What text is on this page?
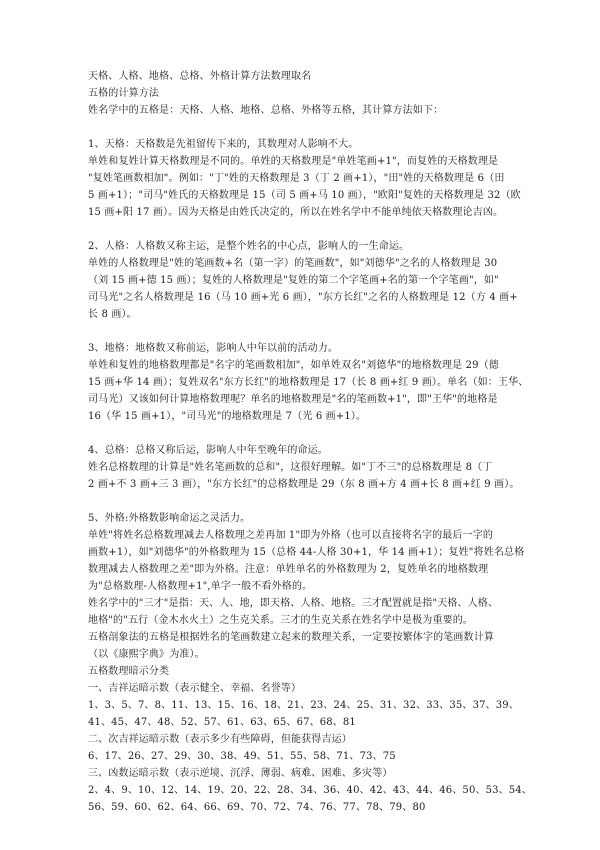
天格、人格、地格、总格、外格计算方法数理取名
五格的计算方法
姓名学中的五格是：天格、人格、地格、总格、外格等五格，其计算方法如下：
1、天格：天格数是先祖留传下来的，其数理对人影响不大。
单姓和复姓计算天格数理是不同的。单姓的天格数理是"单姓笔画+1"，而复姓的天格数理是
"复姓笔画数相加"。例如："丁"姓的天格数理是 3（丁 2 画+1），"田"姓的天格数理是 6（田
5 画+1）；"司马"姓氏的天格数理是 15（司 5 画+马 10 画），"欧阳"复姓的天格数理是 32（欧
15 画+阳 17 画）。因为天格是由姓氏决定的，所以在姓名学中不能单纯依天格数理论吉凶。
2、人格：人格数又称主运，是整个姓名的中心点，影响人的一生命运。
单姓的人格数理是"姓的笔画数+名（第一字）的笔画数"，如"刘德华"之名的人格数理是 30
（刘 15 画+德 15 画）；复姓的人格数理是"复姓的第二个字笔画+名的第一个字笔画"，如"
司马光"之名人格数理是 16（马 10 画+光 6 画），"东方长红"之名的人格数理是 12（方 4 画+
长 8 画）。
3、地格：地格数又称前运，影响人中年以前的活动力。
单姓和复姓的地格数理都是"名字的笔画数相加"，如单姓双名"刘德华"的地格数理是 29（德
15 画+华 14 画）；复姓双名"东方长红"的地格数理是 17（长 8 画+红 9 画）。单名（如：王华、
司马光）又该如何计算地格数理呢？单名的地格数理是"名的笔画数+1"，即"王华"的地格是
16（华 15 画+1），"司马光"的地格数理是 7（光 6 画+1）。
4、总格：总格又称后运，影响人中年至晚年的命运。
姓名总格数理的计算是"姓名笔画数的总和"，这很好理解。如"丁不三"的总格数理是 8（丁
2 画+不 3 画+三 3 画），"东方长红"的总格数理是 29（东 8 画+方 4 画+长 8 画+红 9 画）。
5、外格:外格数影响命运之灵活力。
单姓"将姓名总格数理减去人格数理之差再加 1"即为外格（也可以直接将名字的最后一字的
画数+1），如"刘德华"的外格数理为 15（总格 44-人格 30+1，华 14 画+1）；复姓"将姓名总格
数理减去人格数理之差"即为外格。注意：单姓单名的外格数理为 2，复姓单名的地格数理
为"总格数理-人格数理+1",单字一般不看外格的。
姓名学中的"三才"是指：天、人、地，即天格、人格、地格。三才配置就是指"天格、人格、
地格"的"五行（金木水火土）之生克关系。三才的生克关系在姓名学中是极为重要的。
五格剖象法的五格是根据姓名的笔画数建立起来的数理关系，一定要按繁体字的笔画数计算
（以《康熙字典》为准）。
五格数理暗示分类
一、吉祥运暗示数（表示健全、幸福、名誉等）
1、3、5、7、8、11、13、15、16、18、21、23、24、25、31、32、33、35、37、39、
41、45、47、48、52、57、61、63、65、67、68、81
二、次吉祥运暗示数（表示多少有些障碍，但能获得吉运）
6、17、26、27、29、30、38、49、51、55、58、71、73、75
三、凶数运暗示数（表示逆境、沉浮、薄弱、病难、困难、多灾等）
2、4、9、10、12、14、19、20、22、28、34、36、40、42、43、44、46、50、53、54、
56、59、60、62、64、66、69、70、72、74、76、77、78、79、80
